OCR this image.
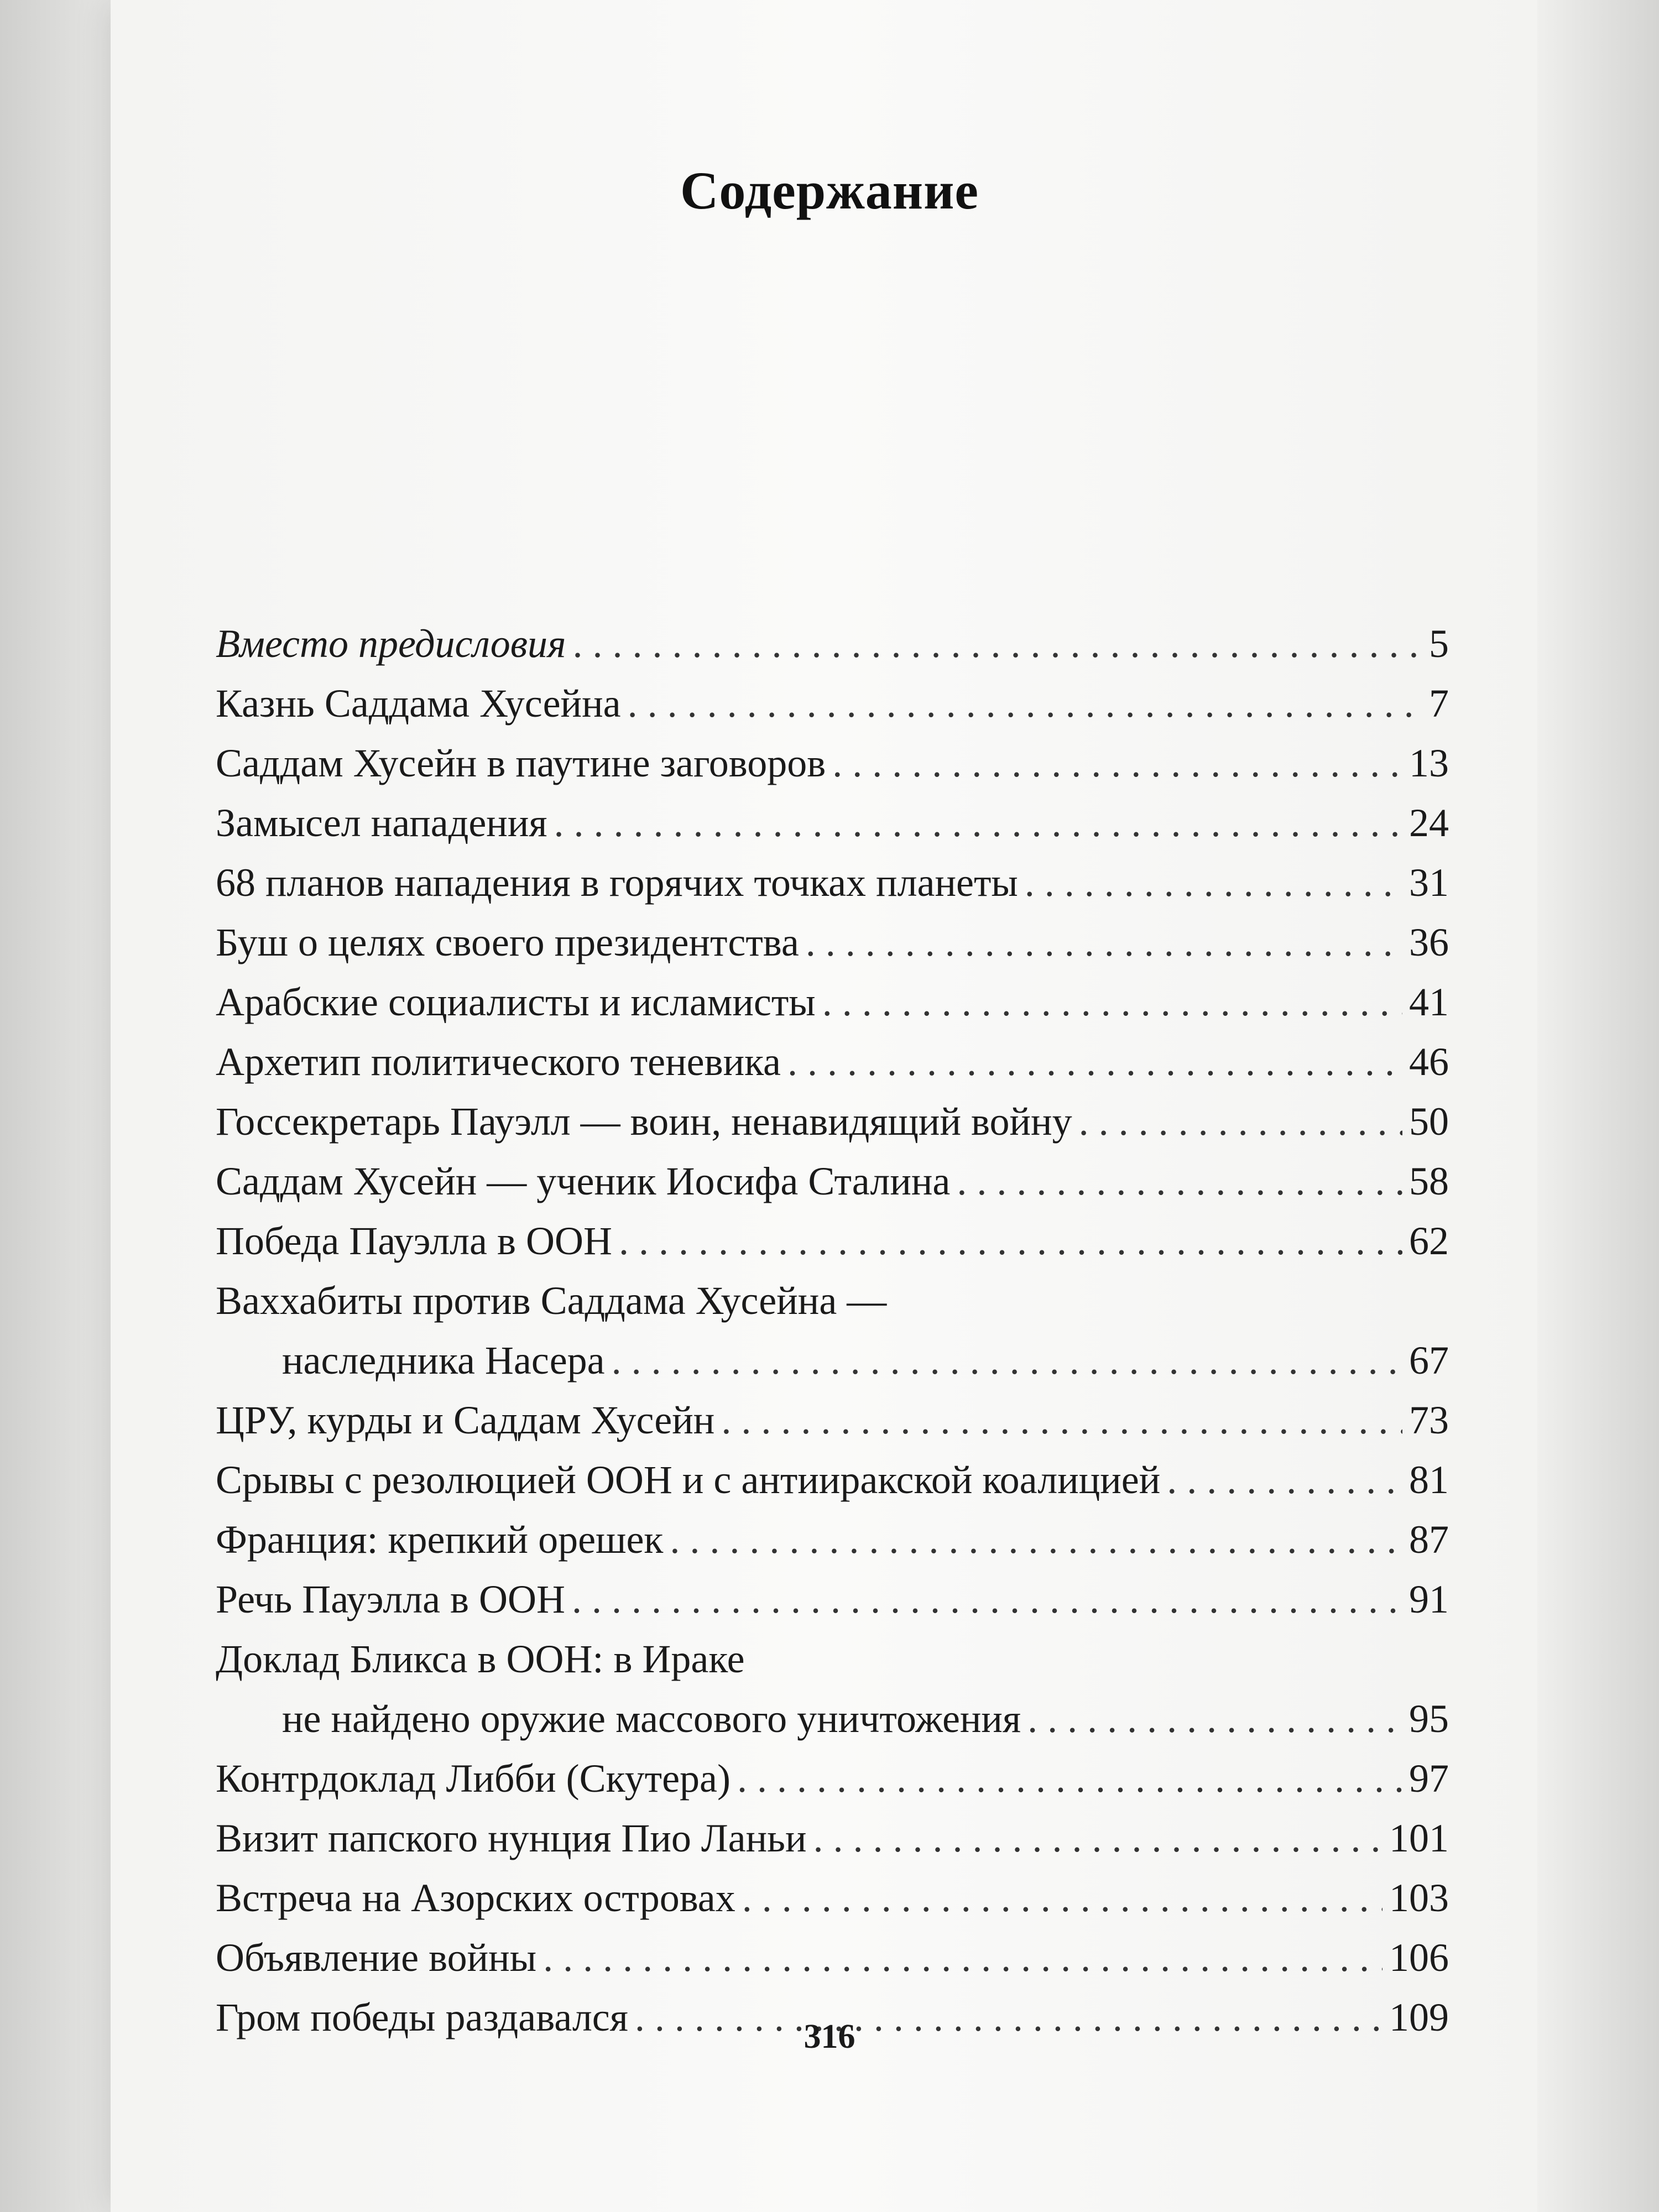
Содержание
Вместо предисловия . . .	5
Казнь Саддама Хусейна . . .	7
Саддам Хусейн в паутине заговоров . . .	13
Замысел нападения . . .	24
68 планов нападения в горячих точках планеты . . .	31
Буш о целях своего президентства . . .	36
Арабские социалисты и исламисты . . .	41
Архетип политического теневика . . .	46
Госсекретарь Пауэлл — воин, ненавидящий войну . . .	50
Саддам Хусейн — ученик Иосифа Сталина . . .	58
Победа Пауэлла в ООН . . .	62
Ваххабиты против Саддама Хусейна —
наследника Насера . . .	67
ЦРУ, курды и Саддам Хусейн . . .	73
Срывы с резолюцией ООН и с антииракской коалицией . . .	81
Франция: крепкий орешек . . .	87
Речь Пауэлла в ООН . . .	91
Доклад Бликса в ООН: в Ираке
не найдено оружие массового уничтожения . . .	95
Контрдоклад Либби (Скутера) . . .	97
Визит папского нунция Пио Ланьи . . .	101
Встреча на Азорских островах . . .	103
Объявление войны . . .	106
Гром победы раздавался . . .	109
316
